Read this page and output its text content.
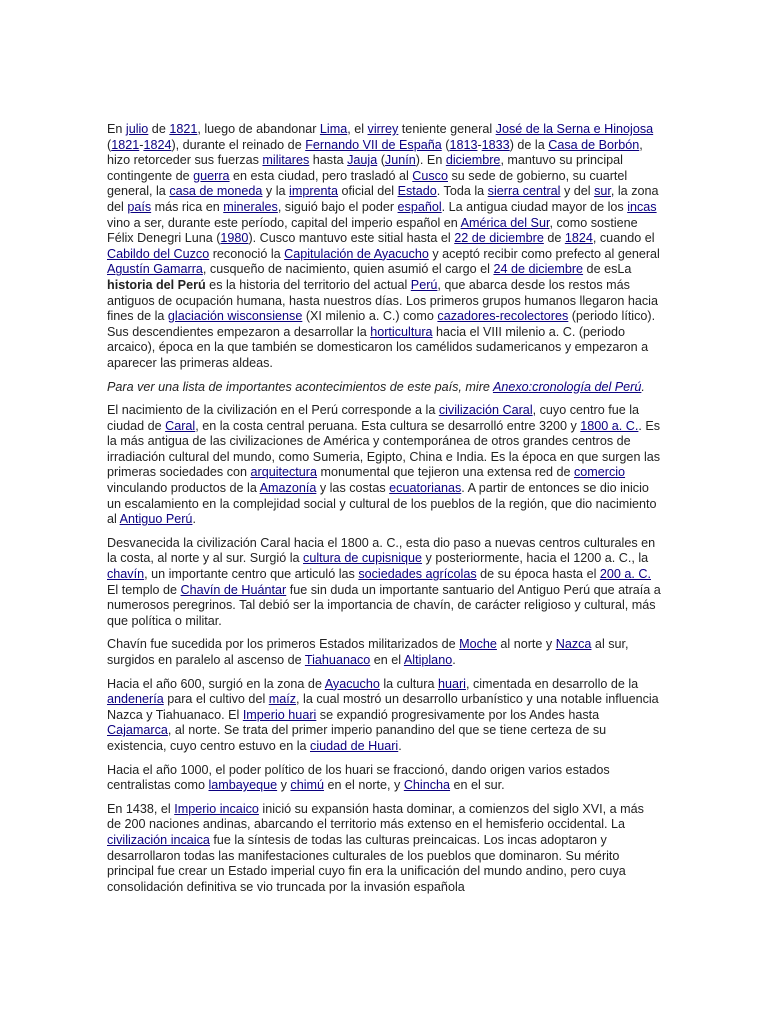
En julio de 1821, luego de abandonar Lima, el virrey teniente general José de la Serna e Hinojosa (1821-1824), durante el reinado de Fernando VII de España (1813-1833) de la Casa de Borbón, hizo retorceder sus fuerzas militares hasta Jauja (Junín). En diciembre, mantuvo su principal contingente de guerra en esta ciudad, pero trasladó al Cusco su sede de gobierno, su cuartel general, la casa de moneda y la imprenta oficial del Estado. Toda la sierra central y del sur, la zona del país más rica en minerales, siguió bajo el poder español. La antigua ciudad mayor de los incas vino a ser, durante este período, capital del imperio español en América del Sur, como sostiene Félix Denegri Luna (1980). Cusco mantuvo este sitial hasta el 22 de diciembre de 1824, cuando el Cabildo del Cuzco reconoció la Capitulación de Ayacucho y aceptó recibir como prefecto al general Agustín Gamarra, cusqueño de nacimiento, quien asumió el cargo el 24 de diciembre de esLa historia del Perú es la historia del territorio del actual Perú, que abarca desde los restos más antiguos de ocupación humana, hasta nuestros días. Los primeros grupos humanos llegaron hacia fines de la glaciación wisconsiense (XI milenio a. C.) como cazadores-recolectores (periodo lítico). Sus descendientes empezaron a desarrollar la horticultura hacia el VIII milenio a. C. (periodo arcaico), época en la que también se domesticaron los camélidos sudamericanos y empezaron a aparecer las primeras aldeas.

Para ver una lista de importantes acontecimientos de este país, mire Anexo:cronología del Perú.

El nacimiento de la civilización en el Perú corresponde a la civilización Caral, cuyo centro fue la ciudad de Caral, en la costa central peruana. Esta cultura se desarrolló entre 3200 y 1800 a. C.. Es la más antigua de las civilizaciones de América y contemporánea de otros grandes centros de irradiación cultural del mundo, como Sumeria, Egipto, China e India. Es la época en que surgen las primeras sociedades con arquitectura monumental que tejieron una extensa red de comercio vinculando productos de la Amazonía y las costas ecuatorianas. A partir de entonces se dio inicio un escalamiento en la complejidad social y cultural de los pueblos de la región, que dio nacimiento al Antiguo Perú.

Desvanecida la civilización Caral hacia el 1800 a. C., esta dio paso a nuevas centros culturales en la costa, al norte y al sur. Surgió la cultura de cupisnique y posteriormente, hacia el 1200 a. C., la chavín, un importante centro que articuló las sociedades agrícolas de su época hasta el 200 a. C. El templo de Chavín de Huántar fue sin duda un importante santuario del Antiguo Perú que atraía a numerosos peregrinos. Tal debió ser la importancia de chavín, de carácter religioso y cultural, más que política o militar.

Chavín fue sucedida por los primeros Estados militarizados de Moche al norte y Nazca al sur, surgidos en paralelo al ascenso de Tiahuanaco en el Altiplano.

Hacia el año 600, surgió en la zona de Ayacucho la cultura huari, cimentada en desarrollo de la andenería para el cultivo del maíz, la cual mostró un desarrollo urbanístico y una notable influencia Nazca y Tiahuanaco. El Imperio huari se expandió progresivamente por los Andes hasta Cajamarca, al norte. Se trata del primer imperio panandino del que se tiene certeza de su existencia, cuyo centro estuvo en la ciudad de Huari.

Hacia el año 1000, el poder político de los huari se fraccionó, dando origen varios estados centralistas como lambayeque y chimú en el norte, y Chincha en el sur.

En 1438, el Imperio incaico inició su expansión hasta dominar, a comienzos del siglo XVI, a más de 200 naciones andinas, abarcando el territorio más extenso en el hemisferio occidental. La civilización incaica fue la síntesis de todas las culturas preincaicas. Los incas adoptaron y desarrollaron todas las manifestaciones culturales de los pueblos que dominaron. Su mérito principal fue crear un Estado imperial cuyo fin era la unificación del mundo andino, pero cuya consolidación definitiva se vio truncada por la invasión española
